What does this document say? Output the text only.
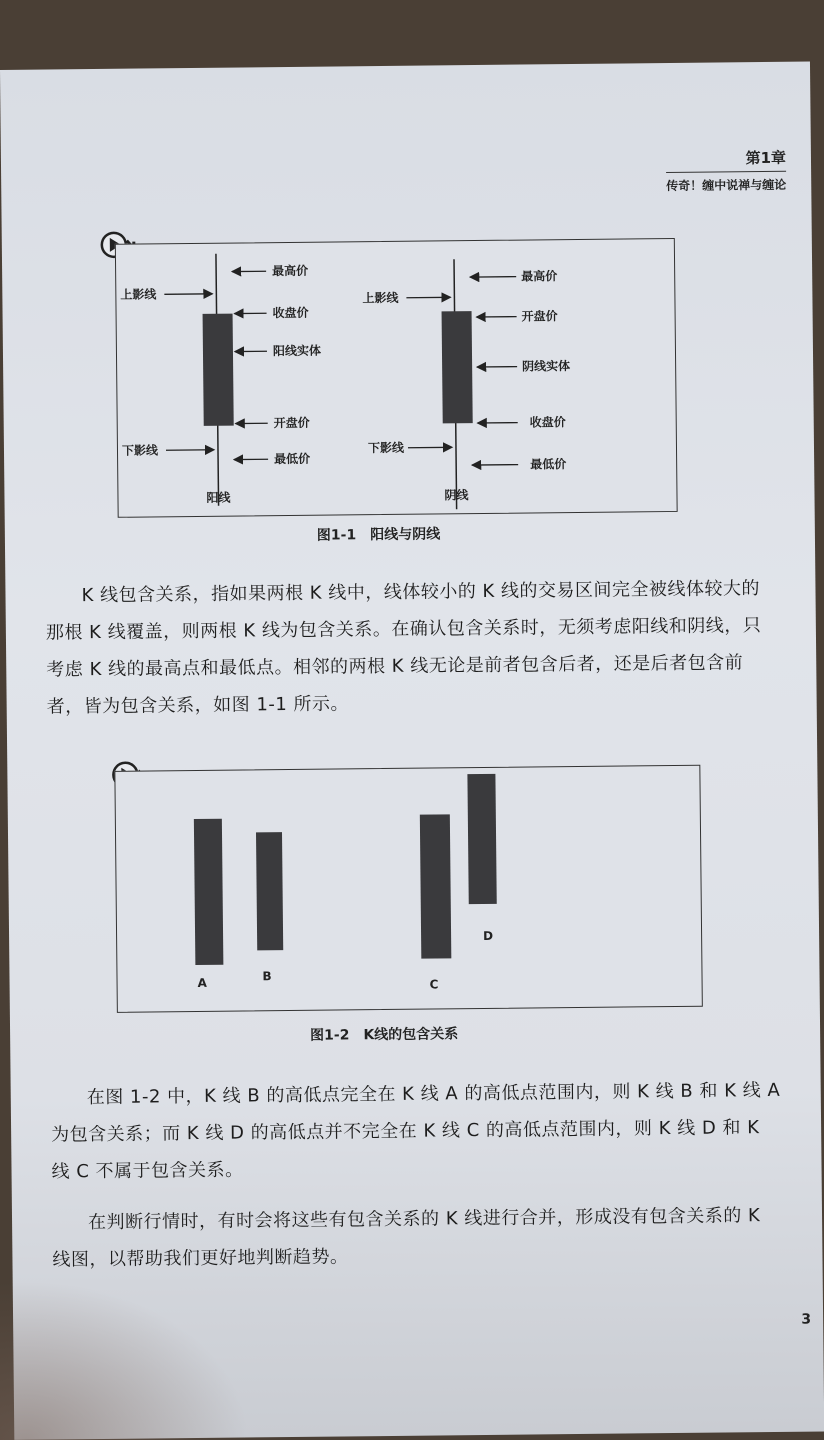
第1章
传奇！缠中说禅与缠论
最高价
收盘价
阳线实体
开盘价
最低价
上影线
下影线
阳线
最高价
开盘价
阴线实体
收盘价
最低价
上影线
下影线
阴线
图1-1　阳线与阴线

K 线包含关系，指如果两根 K 线中，线体较小的 K 线的交易区间完全被线体较大的那根 K 线覆盖，则两根 K 线为包含关系。在确认包含关系时，无须考虑阳线和阴线，只考虑 K 线的最高点和最低点。相邻的两根 K 线无论是前者包含后者，还是后者包含前者，皆为包含关系，如图 1-1 所示。

A	B
C
D
图1-2　K线的包含关系

在图 1-2 中，K 线 B 的高低点完全在 K 线 A 的高低点范围内，则 K 线 B 和 K 线 A 为包含关系；而 K 线 D 的高低点并不完全在 K 线 C 的高低点范围内，则 K 线 D 和 K 线 C 不属于包含关系。

在判断行情时，有时会将这些有包含关系的 K 线进行合并，形成没有包含关系的 K 线图，以帮助我们更好地判断趋势。

3
